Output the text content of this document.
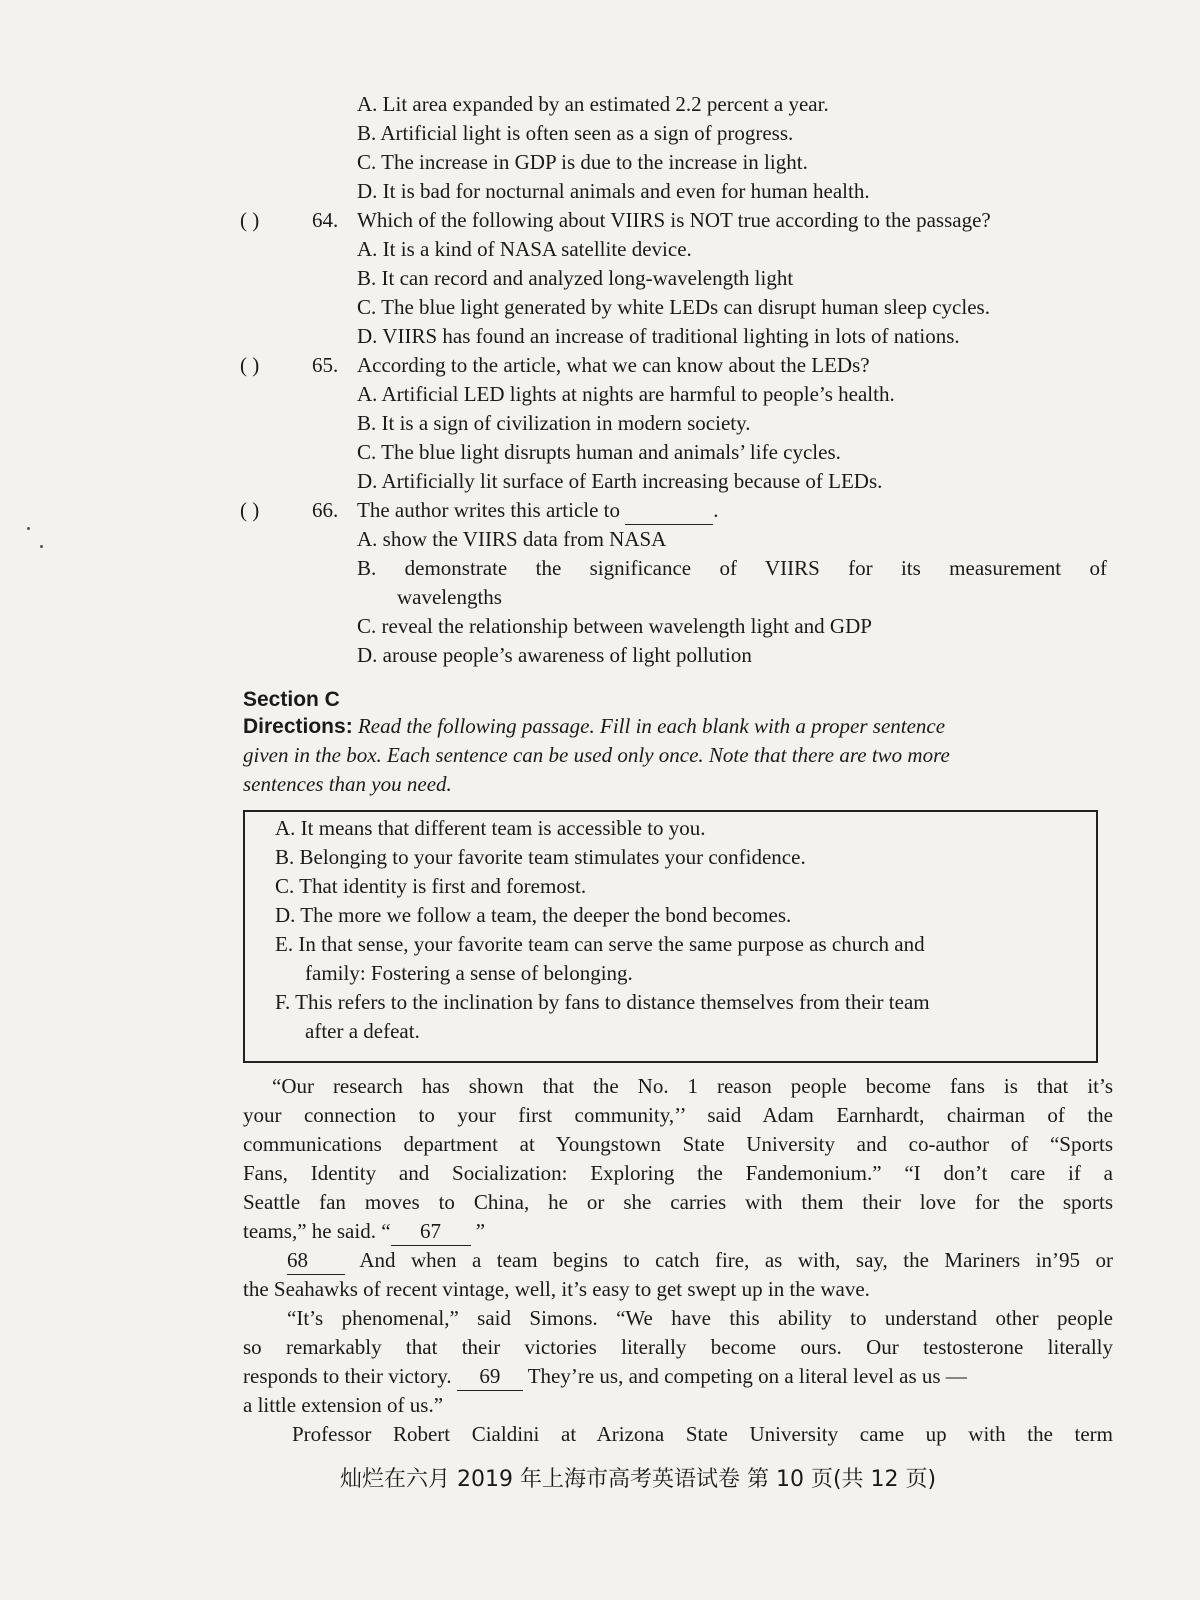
A. Lit area expanded by an estimated 2.2 percent a year.
B. Artificial light is often seen as a sign of progress.
C. The increase in GDP is due to the increase in light.
D. It is bad for nocturnal animals and even for human health.
( )	64. Which of the following about VIIRS is NOT true according to the passage?
A. It is a kind of NASA satellite device.
B. It can record and analyzed long-wavelength light
C. The blue light generated by white LEDs can disrupt human sleep cycles.
D. VIIRS has found an increase of traditional lighting in lots of nations.
( )	65. According to the article, what we can know about the LEDs?
A. Artificial LED lights at nights are harmful to people’s health.
B. It is a sign of civilization in modern society.
C. The blue light disrupts human and animals’ life cycles.
D. Artificially lit surface of Earth increasing because of LEDs.
( )	66. The author writes this article to	.
A. show the VIIRS data from NASA
B. demonstrate the significance of VIIRS for its measurement of
wavelengths
C. reveal the relationship between wavelength light and GDP
D. arouse people’s awareness of light pollution
Section C
Directions: Read the following passage. Fill in each blank with a proper sentence
given in the box. Each sentence can be used only once. Note that there are two more
sentences than you need.
A. It means that different team is accessible to you.
B. Belonging to your favorite team stimulates your confidence.
C. That identity is first and foremost.
D. The more we follow a team, the deeper the bond becomes.
E. In that sense, your favorite team can serve the same purpose as church and
family: Fostering a sense of belonging.
F. This refers to the inclination by fans to distance themselves from their team
after a defeat.
“Our research has shown that the No. 1 reason people become fans is that it’s
your connection to your first community,’’ said Adam Earnhardt, chairman of the
communications department at Youngstown State University and co-author of “Sports
Fans, Identity and Socialization: Exploring the Fandemonium.” “I don’t care if a
Seattle fan moves to China, he or she carries with them their love for the sports
teams,” he said. “ 67 ”
68 And when a team begins to catch fire, as with, say, the Mariners in’95 or
the Seahawks of recent vintage, well, it’s easy to get swept up in the wave.
“It’s phenomenal,” said Simons. “We have this ability to understand other people
so remarkably that their victories literally become ours. Our testosterone literally
responds to their victory. 69 They’re us, and competing on a literal level as us —
a little extension of us.”
Professor Robert Cialdini at Arizona State University came up with the term
灿烂在六月 2019 年上海市高考英语试卷 第 10 页(共 12 页)
